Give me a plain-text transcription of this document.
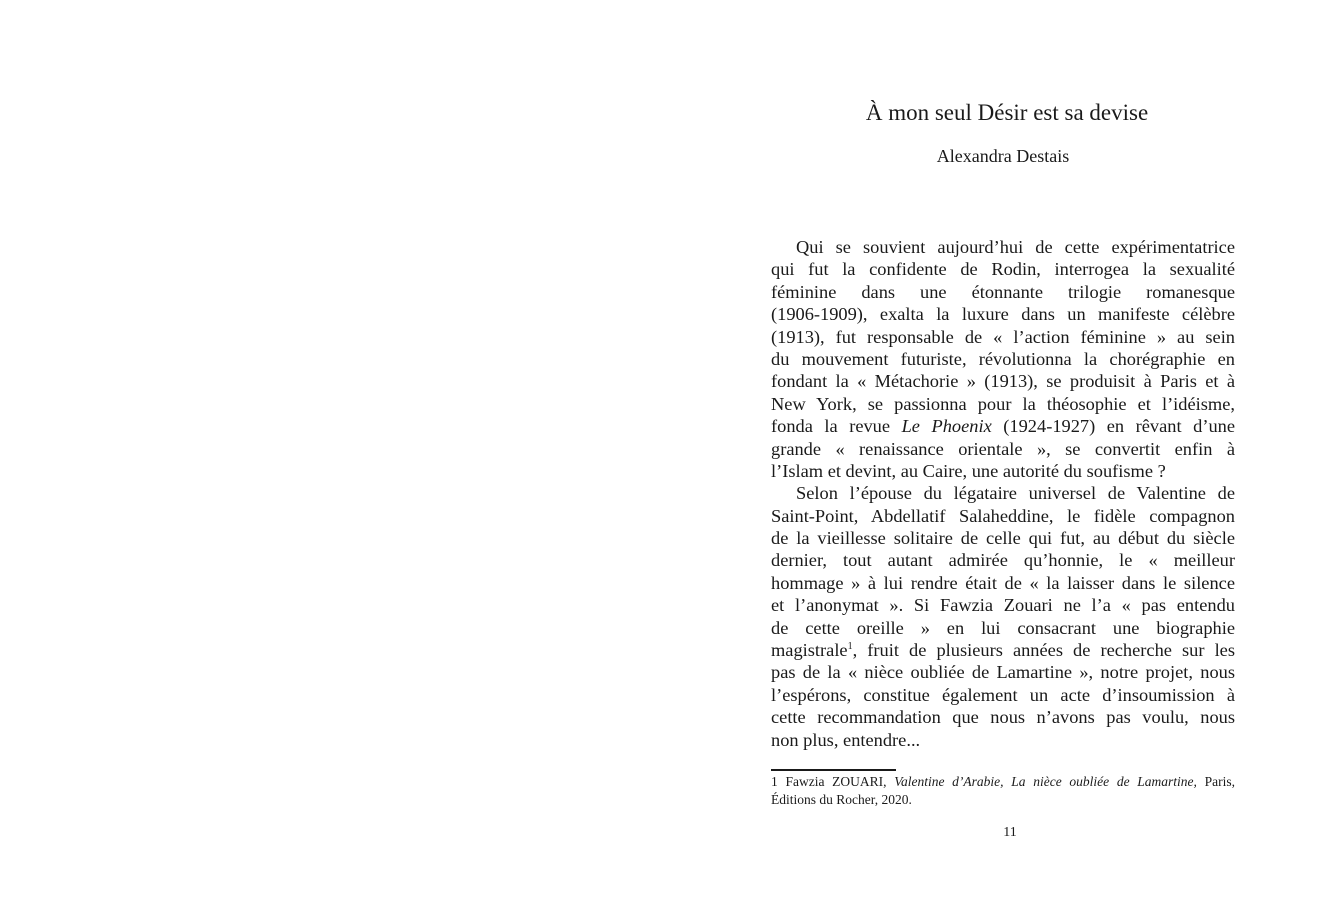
À mon seul Désir est sa devise
Alexandra Destais
Qui se souvient aujourd’hui de cette expérimentatrice
qui fut la confidente de Rodin, interrogea la sexualité
féminine dans une étonnante trilogie romanesque
(1906-1909), exalta la luxure dans un manifeste célèbre
(1913), fut responsable de « l’action féminine » au sein
du mouvement futuriste, révolutionna la chorégraphie en
fondant la « Métachorie » (1913), se produisit à Paris et à
New York, se passionna pour la théosophie et l’idéisme,
fonda la revue Le Phoenix (1924-1927) en rêvant d’une
grande « renaissance orientale », se convertit enfin à
l’Islam et devint, au Caire, une autorité du soufisme ?
Selon l’épouse du légataire universel de Valentine de
Saint-Point, Abdellatif Salaheddine, le fidèle compagnon
de la vieillesse solitaire de celle qui fut, au début du siècle
dernier, tout autant admirée qu’honnie, le « meilleur
hommage » à lui rendre était de « la laisser dans le silence
et l’anonymat ». Si Fawzia Zouari ne l’a « pas entendu
de cette oreille » en lui consacrant une biographie
magistrale$^1$, fruit de plusieurs années de recherche sur les
pas de la « nièce oubliée de Lamartine », notre projet, nous
l’espérons, constitue également un acte d’insoumission à
cette recommandation que nous n’avons pas voulu, nous
non plus, entendre...
1 Fawzia ZOUARI, Valentine d’Arabie, La nièce oubliée de Lamartine, Paris,
Éditions du Rocher, 2020.
11
